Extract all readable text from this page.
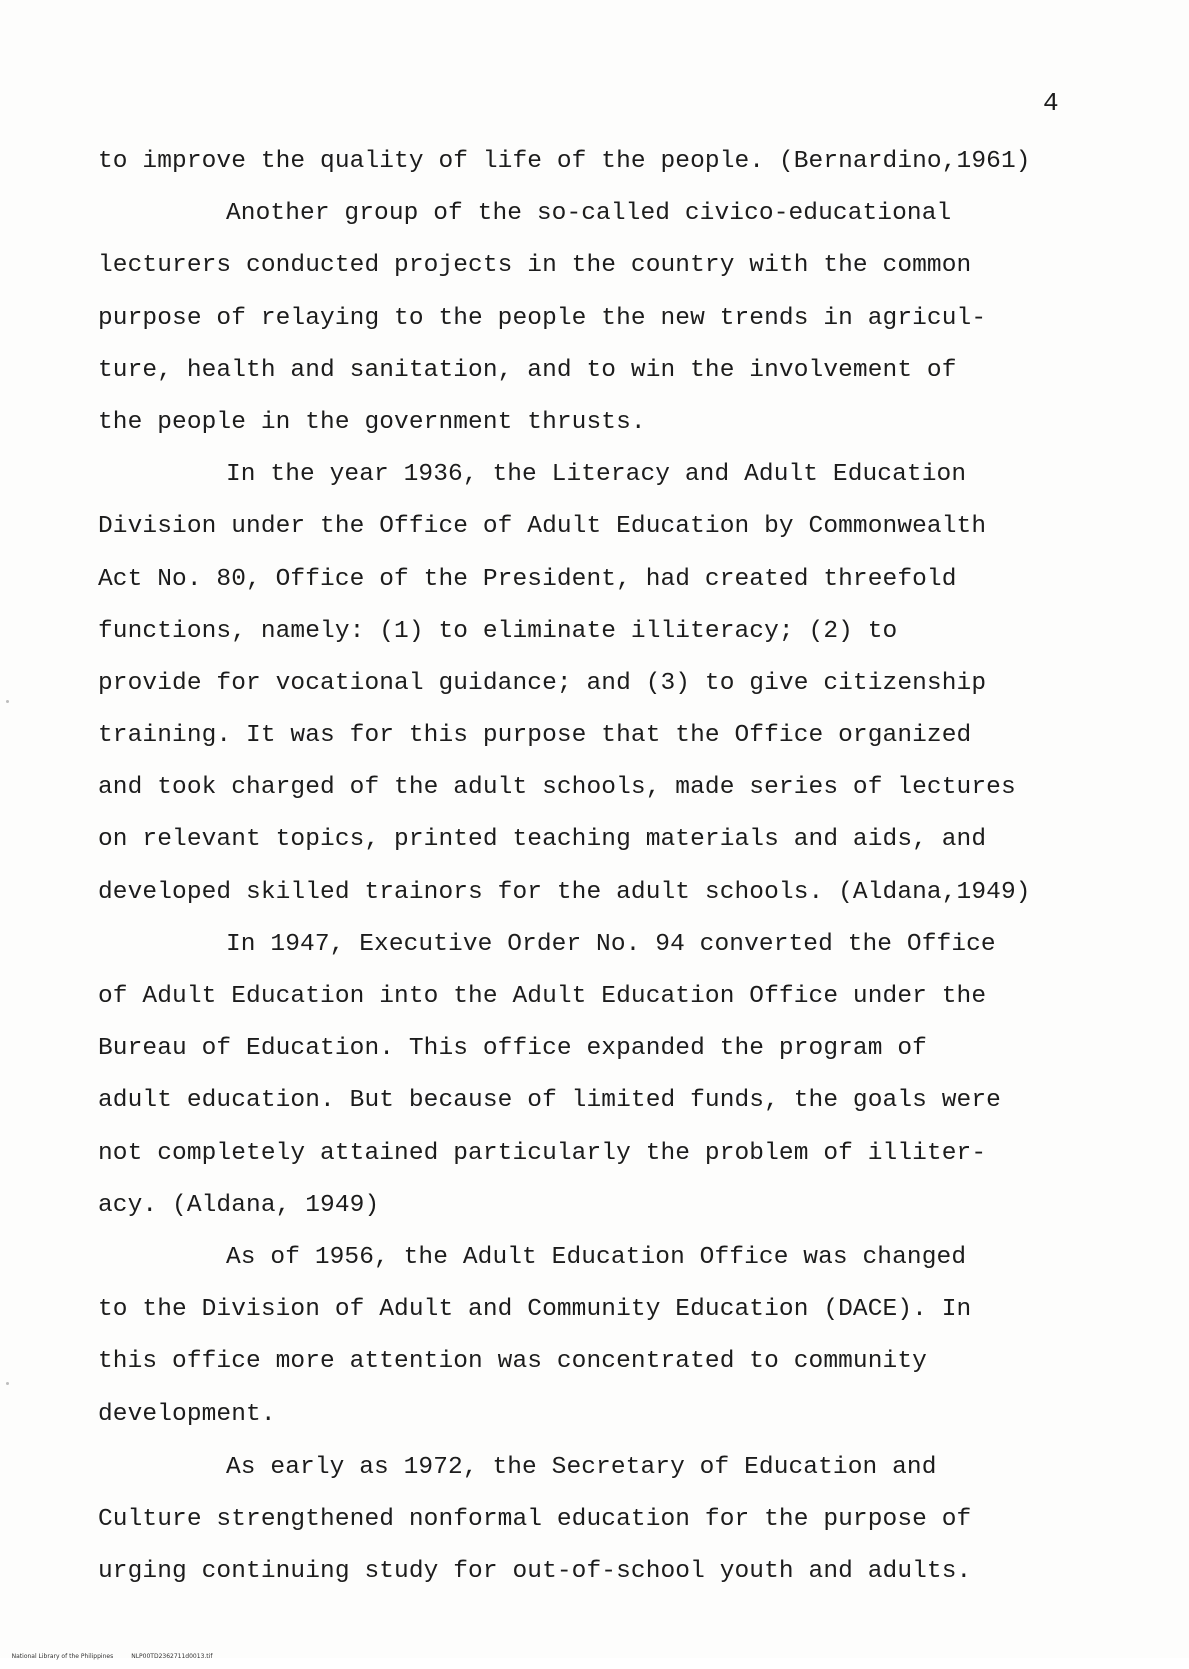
4
to improve the quality of life of the people. (Bernardino,1961)
Another group of the so-called civico-educational
lecturers conducted projects in the country with the common
purpose of relaying to the people the new trends in agricul-
ture, health and sanitation, and to win the involvement of
the people in the government thrusts.
In the year 1936, the Literacy and Adult Education
Division under the Office of Adult Education by Commonwealth
Act No. 80, Office of the President, had created threefold
functions, namely: (1) to eliminate illiteracy; (2) to
provide for vocational guidance; and (3) to give citizenship
training. It was for this purpose that the Office organized
and took charged of the adult schools, made series of lectures
on relevant topics, printed teaching materials and aids, and
developed skilled trainors for the adult schools. (Aldana,1949)
In 1947, Executive Order No. 94 converted the Office
of Adult Education into the Adult Education Office under the
Bureau of Education. This office expanded the program of
adult education. But because of limited funds, the goals were
not completely attained particularly the problem of illiter-
acy. (Aldana, 1949)
As of 1956, the Adult Education Office was changed
to the Division of Adult and Community Education (DACE). In
this office more attention was concentrated to community
development.
As early as 1972, the Secretary of Education and
Culture strengthened nonformal education for the purpose of
urging continuing study for out-of-school youth and adults.

National Library of the Philippines	NLP00TD2362711d0013.tif
